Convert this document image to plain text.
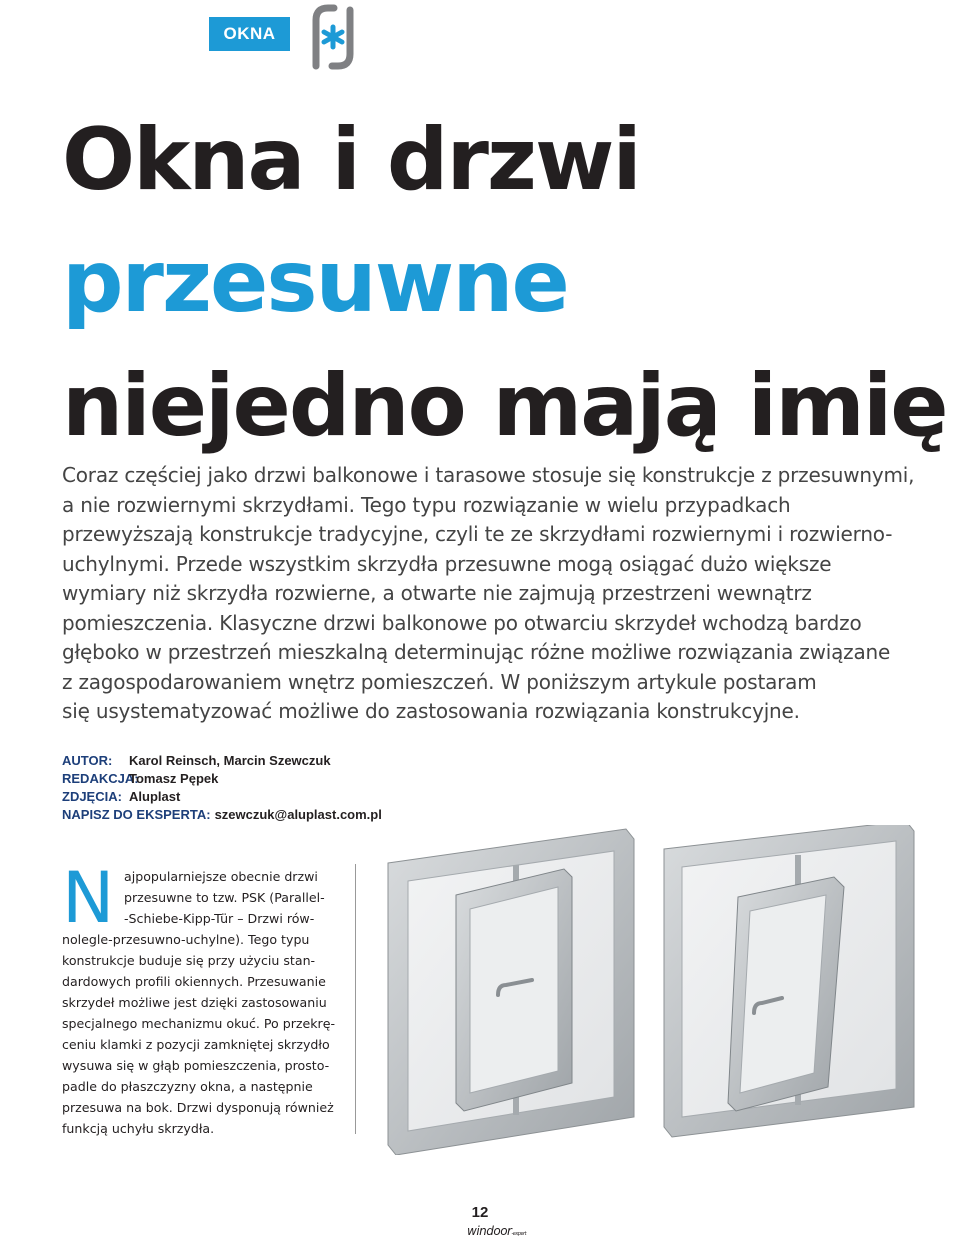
OKNA
Okna i drzwi
przesuwne
niejedno mają imię

Coraz częściej jako drzwi balkonowe i tarasowe stosuje się konstrukcje z przesuwnymi,

a nie rozwiernymi skrzydłami. Tego typu rozwiązanie w wielu przypadkach

przewyższają konstrukcje tradycyjne, czyli te ze skrzydłami rozwiernymi i rozwierno-

uchylnymi. Przede wszystkim skrzydła przesuwne mogą osiągać dużo większe

wymiary niż skrzydła rozwierne, a otwarte nie zajmują przestrzeni wewnątrz

pomieszczenia. Klasyczne drzwi balkonowe po otwarciu skrzydeł wchodzą bardzo

głęboko w przestrzeń mieszkalną determinując różne możliwe rozwiązania związane

z zagospodarowaniem wnętrz pomieszczeń. W poniższym artykule postaram

się usystematyzować możliwe do zastosowania rozwiązania konstrukcyjne.

AUTOR: Karol Reinsch, Marcin Szewczuk
REDAKCJA:Tomasz Pępek
ZDJĘCIA: Aluplast
NAPISZ DO EKSPERTA: szewczuk@aluplast.com.pl
N ajpopularniejsze obecnie drzwi
przesuwne to tzw. PSK (Parallel-
-Schiebe-Kipp-Tür – Drzwi rów-
nolegle-przesuwno-uchylne). Tego typu
konstrukcje buduje się przy użyciu stan-
dardowych profili okiennych. Przesuwanie
skrzydeł możliwe jest dzięki zastosowaniu
specjalnego mechanizmu okuć. Po przekrę-
ceniu klamki z pozycji zamkniętej skrzydło
wysuwa się w głąb pomieszczenia, prosto-
padle do płaszczyzny okna, a następnie
przesuwa na bok. Drzwi dysponują również
funkcją uchyłu skrzydła.
12
windoor-expert
